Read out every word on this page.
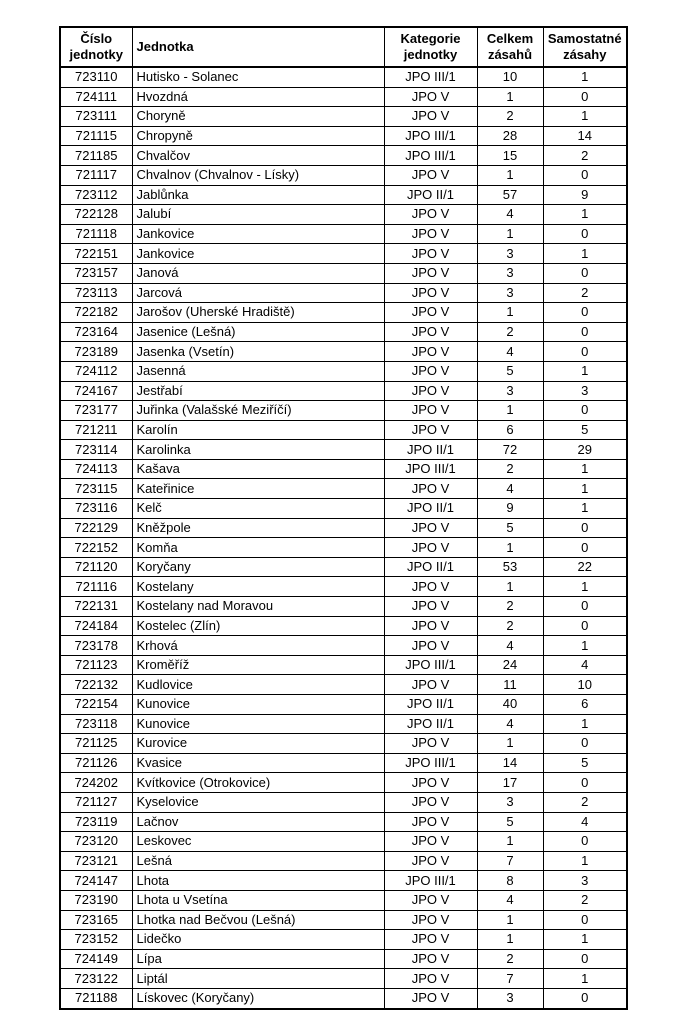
Číslo jednotky	Jednotka	Kategorie jednotky	Celkem zásahů	Samostatné zásahy
723110	Hutisko - Solanec	JPO III/1	10	1
724111	Hvozdná	JPO V	1	0
723111	Choryně	JPO V	2	1
721115	Chropyně	JPO III/1	28	14
721185	Chvalčov	JPO III/1	15	2
721117	Chvalnov (Chvalnov - Lísky)	JPO V	1	0
723112	Jablůnka	JPO II/1	57	9
722128	Jalubí	JPO V	4	1
721118	Jankovice	JPO V	1	0
722151	Jankovice	JPO V	3	1
723157	Janová	JPO V	3	0
723113	Jarcová	JPO V	3	2
722182	Jarošov (Uherské Hradiště)	JPO V	1	0
723164	Jasenice (Lešná)	JPO V	2	0
723189	Jasenka (Vsetín)	JPO V	4	0
724112	Jasenná	JPO V	5	1
724167	Jestřabí	JPO V	3	3
723177	Juřinka (Valašské Meziříčí)	JPO V	1	0
721211	Karolín	JPO V	6	5
723114	Karolinka	JPO II/1	72	29
724113	Kašava	JPO III/1	2	1
723115	Kateřinice	JPO V	4	1
723116	Kelč	JPO II/1	9	1
722129	Kněžpole	JPO V	5	0
722152	Komňa	JPO V	1	0
721120	Koryčany	JPO II/1	53	22
721116	Kostelany	JPO V	1	1
722131	Kostelany nad Moravou	JPO V	2	0
724184	Kostelec (Zlín)	JPO V	2	0
723178	Krhová	JPO V	4	1
721123	Kroměříž	JPO III/1	24	4
722132	Kudlovice	JPO V	11	10
722154	Kunovice	JPO II/1	40	6
723118	Kunovice	JPO II/1	4	1
721125	Kurovice	JPO V	1	0
721126	Kvasice	JPO III/1	14	5
724202	Kvítkovice (Otrokovice)	JPO V	17	0
721127	Kyselovice	JPO V	3	2
723119	Lačnov	JPO V	5	4
723120	Leskovec	JPO V	1	0
723121	Lešná	JPO V	7	1
724147	Lhota	JPO III/1	8	3
723190	Lhota u Vsetína	JPO V	4	2
723165	Lhotka nad Bečvou (Lešná)	JPO V	1	0
723152	Lidečko	JPO V	1	1
724149	Lípa	JPO V	2	0
723122	Liptál	JPO V	7	1
721188	Lískovec (Koryčany)	JPO V	3	0
